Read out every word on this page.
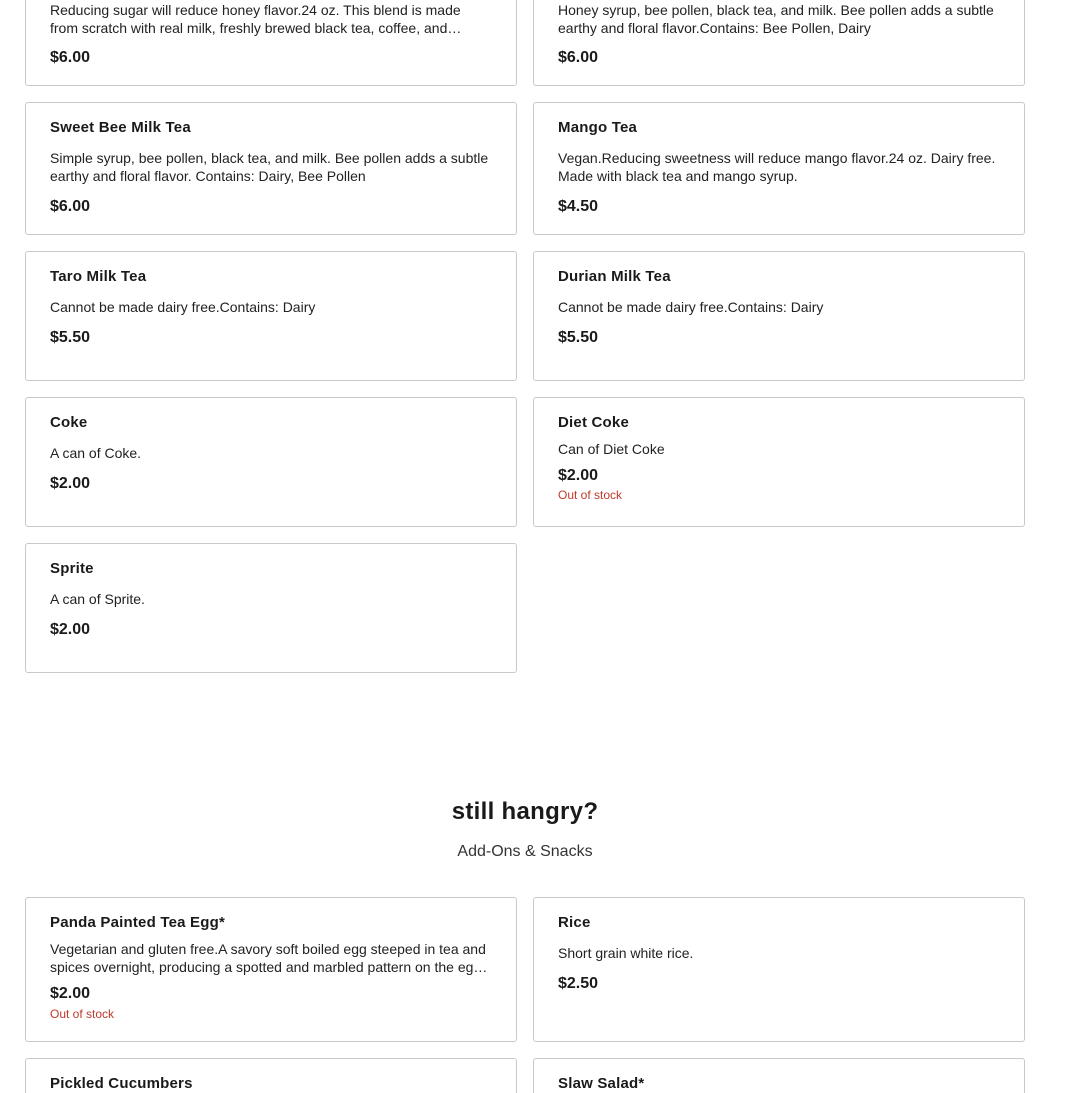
Reducing sugar will reduce honey flavor.24 oz. This blend is made from scratch with real milk, freshly brewed black tea, coffee, and
$6.00
Honey syrup, bee pollen, black tea, and milk. Bee pollen adds a subtle earthy and floral flavor.Contains: Bee Pollen, Dairy
$6.00
Sweet Bee Milk Tea
Simple syrup, bee pollen, black tea, and milk. Bee pollen adds a subtle earthy and floral flavor. Contains: Dairy, Bee Pollen
$6.00
Mango Tea
Vegan.Reducing sweetness will reduce mango flavor.24 oz. Dairy free. Made with black tea and mango syrup.
$4.50
Taro Milk Tea
Cannot be made dairy free.Contains: Dairy
$5.50
Durian Milk Tea
Cannot be made dairy free.Contains: Dairy
$5.50
Coke
A can of Coke.
$2.00
Diet Coke
Can of Diet Coke
$2.00
Out of stock
Sprite
A can of Sprite.
$2.00
still hangry?
Add-Ons & Snacks
Panda Painted Tea Egg*
Vegetarian and gluten free.A savory soft boiled egg steeped in tea and spices overnight, producing a spotted and marbled pattern on the egg
$2.00
Out of stock
Rice
Short grain white rice.
$2.50
Pickled Cucumbers	Slaw Salad*
